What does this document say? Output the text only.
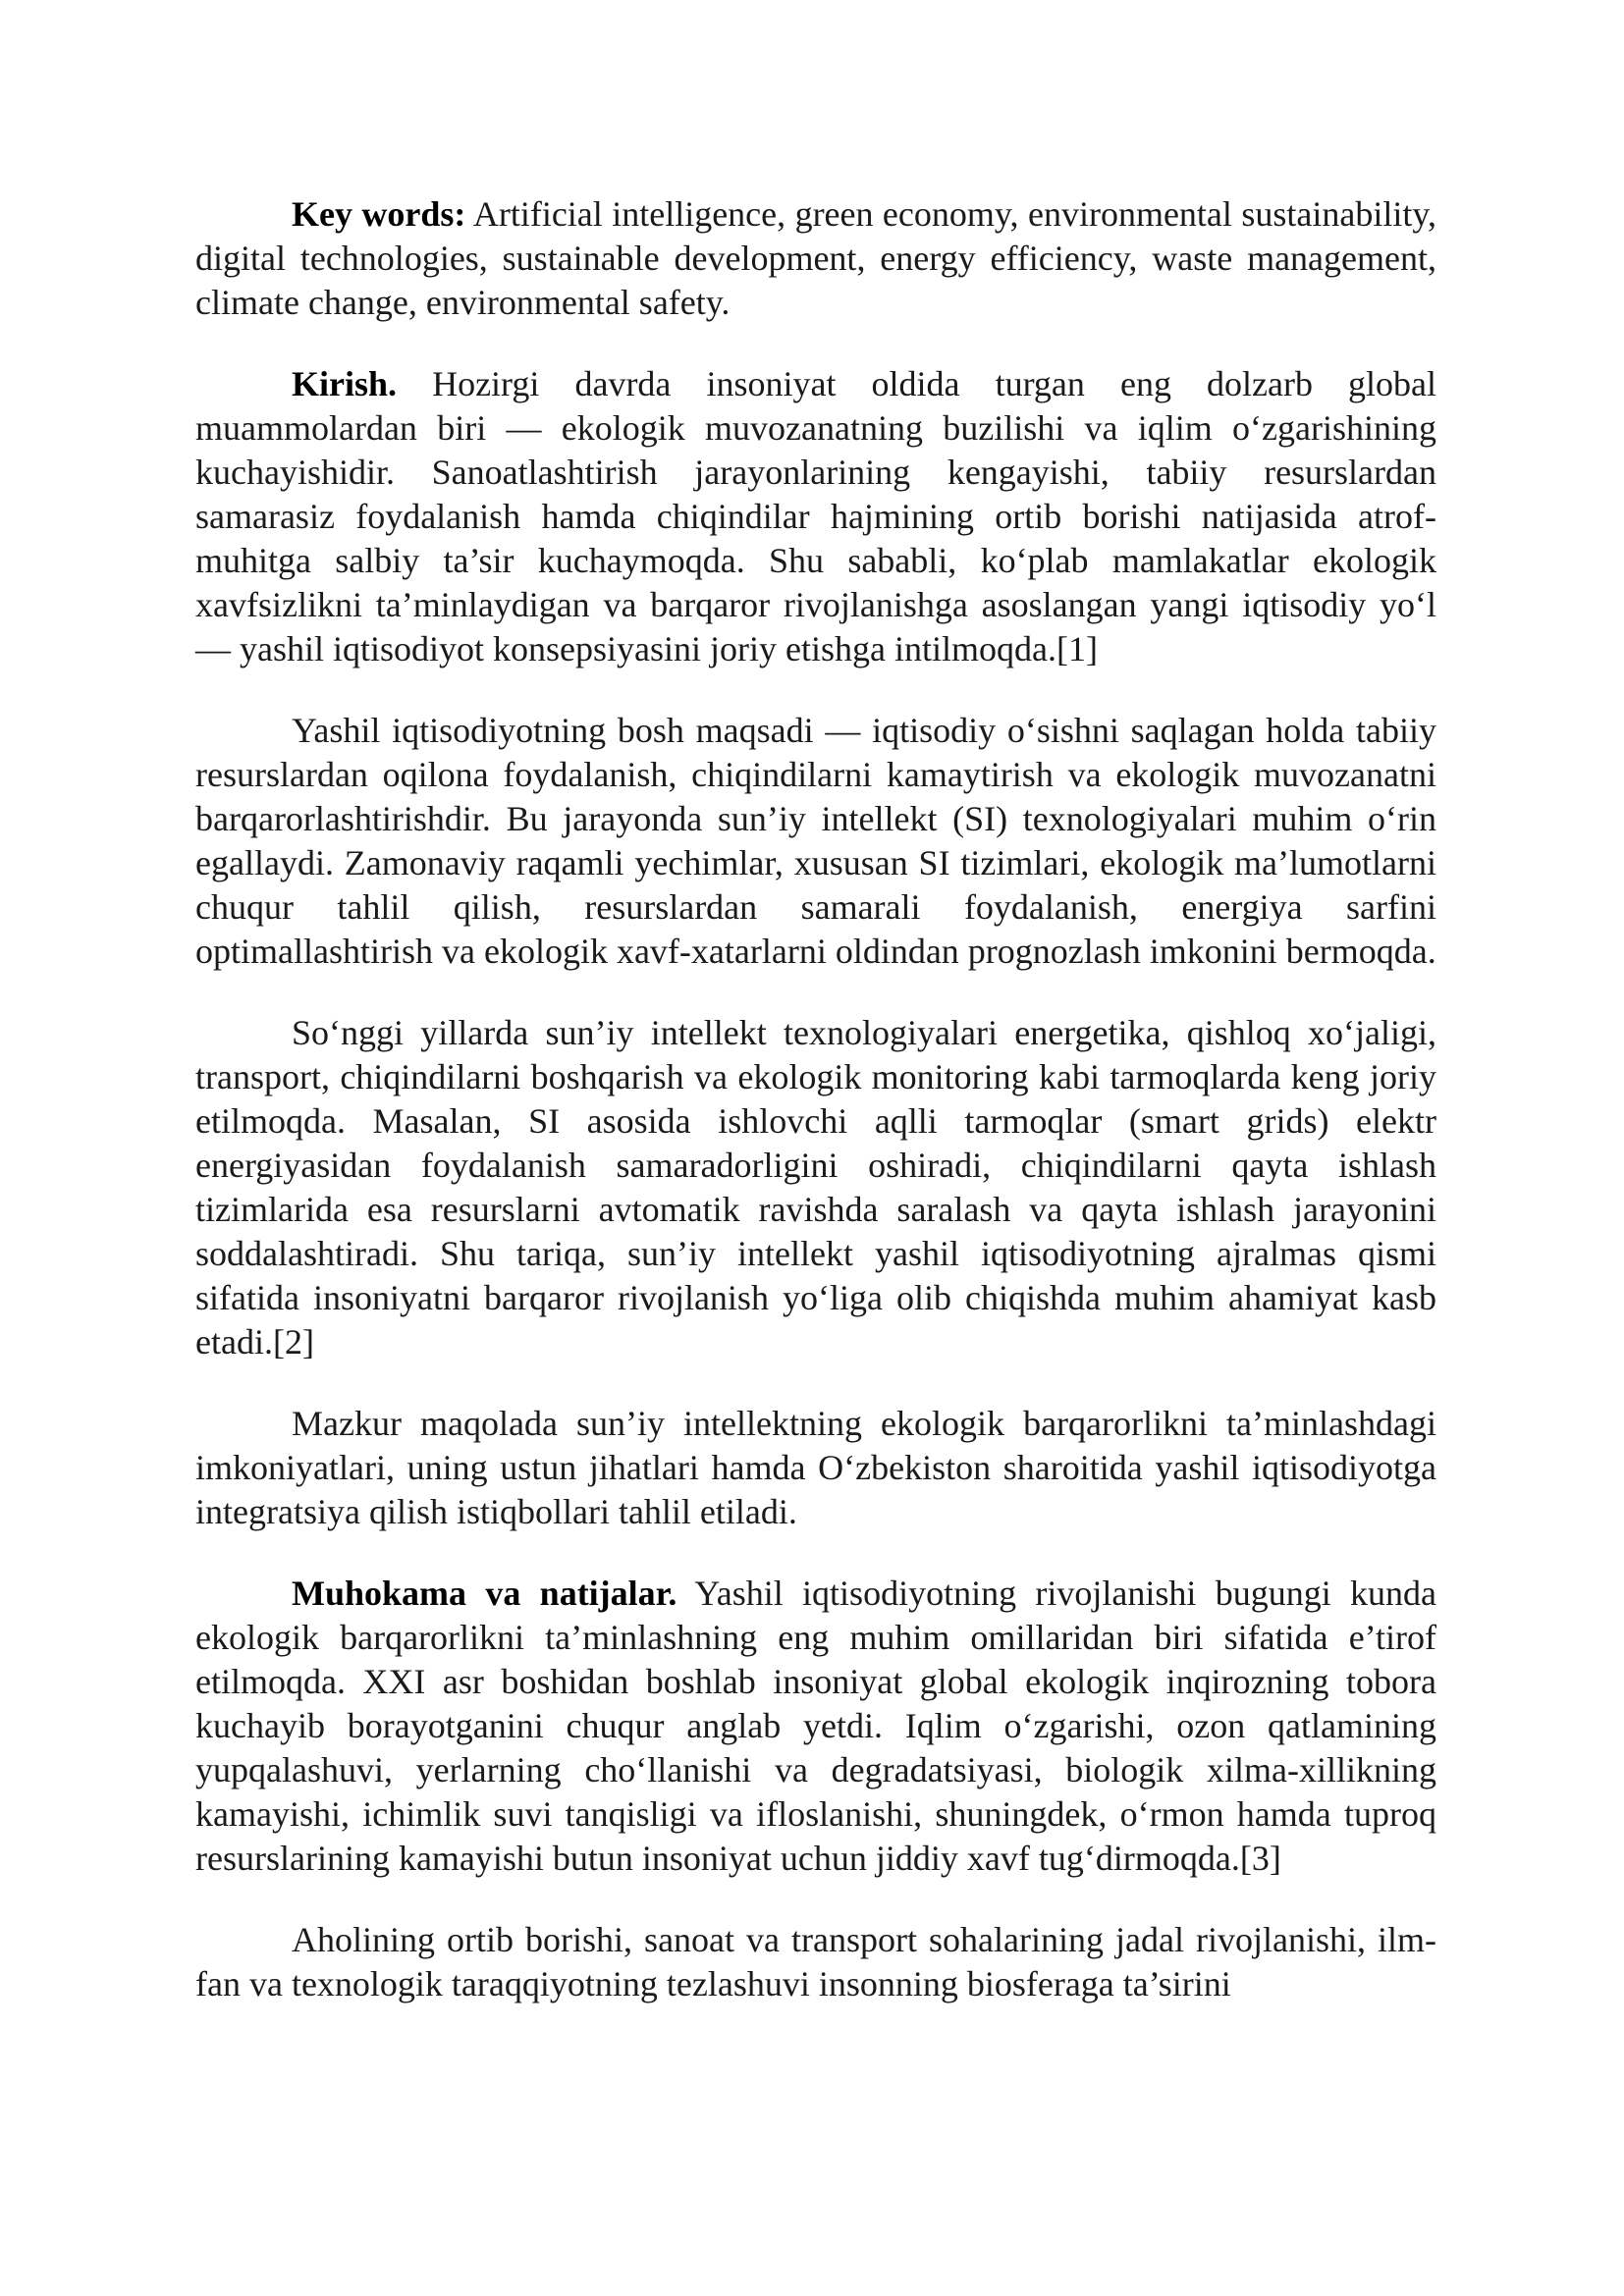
Key words: Artificial intelligence, green economy, environmental sustainability, digital technologies, sustainable development, energy efficiency, waste management, climate change, environmental safety.

Kirish. Hozirgi davrda insoniyat oldida turgan eng dolzarb global muammolardan biri — ekologik muvozanatning buzilishi va iqlim o‘zgarishining kuchayishidir. Sanoatlashtirish jarayonlarining kengayishi, tabiiy resurslardan samarasiz foydalanish hamda chiqindilar hajmining ortib borishi natijasida atrof-muhitga salbiy ta’sir kuchaymoqda. Shu sababli, ko‘plab mamlakatlar ekologik xavfsizlikni ta’minlaydigan va barqaror rivojlanishga asoslangan yangi iqtisodiy yo‘l — yashil iqtisodiyot konsepsiyasini joriy etishga intilmoqda.[1]

Yashil iqtisodiyotning bosh maqsadi — iqtisodiy o‘sishni saqlagan holda tabiiy resurslardan oqilona foydalanish, chiqindilarni kamaytirish va ekologik muvozanatni barqarorlashtirishdir. Bu jarayonda sun’iy intellekt (SI) texnologiyalari muhim o‘rin egallaydi. Zamonaviy raqamli yechimlar, xususan SI tizimlari, ekologik ma’lumotlarni chuqur tahlil qilish, resurslardan samarali foydalanish, energiya sarfini optimallashtirish va ekologik xavf-xatarlarni oldindan prognozlash imkonini bermoqda.

So‘nggi yillarda sun’iy intellekt texnologiyalari energetika, qishloq xo‘jaligi, transport, chiqindilarni boshqarish va ekologik monitoring kabi tarmoqlarda keng joriy etilmoqda. Masalan, SI asosida ishlovchi aqlli tarmoqlar (smart grids) elektr energiyasidan foydalanish samaradorligini oshiradi, chiqindilarni qayta ishlash tizimlarida esa resurslarni avtomatik ravishda saralash va qayta ishlash jarayonini soddalashtiradi. Shu tariqa, sun’iy intellekt yashil iqtisodiyotning ajralmas qismi sifatida insoniyatni barqaror rivojlanish yo‘liga olib chiqishda muhim ahamiyat kasb etadi.[2]

Mazkur maqolada sun’iy intellektning ekologik barqarorlikni ta’minlashdagi imkoniyatlari, uning ustun jihatlari hamda O‘zbekiston sharoitida yashil iqtisodiyotga integratsiya qilish istiqbollari tahlil etiladi.

Muhokama va natijalar. Yashil iqtisodiyotning rivojlanishi bugungi kunda ekologik barqarorlikni ta’minlashning eng muhim omillaridan biri sifatida e’tirof etilmoqda. XXI asr boshidan boshlab insoniyat global ekologik inqirozning tobora kuchayib borayotganini chuqur anglab yetdi. Iqlim o‘zgarishi, ozon qatlamining yupqalashuvi, yerlarning cho‘llanishi va degradatsiyasi, biologik xilma-xillikning kamayishi, ichimlik suvi tanqisligi va ifloslanishi, shuningdek, o‘rmon hamda tuproq resurslarining kamayishi butun insoniyat uchun jiddiy xavf tug‘dirmoqda.[3]

Aholining ortib borishi, sanoat va transport sohalarining jadal rivojlanishi, ilm-fan va texnologik taraqqiyotning tezlashuvi insonning biosferaga ta’sirini
